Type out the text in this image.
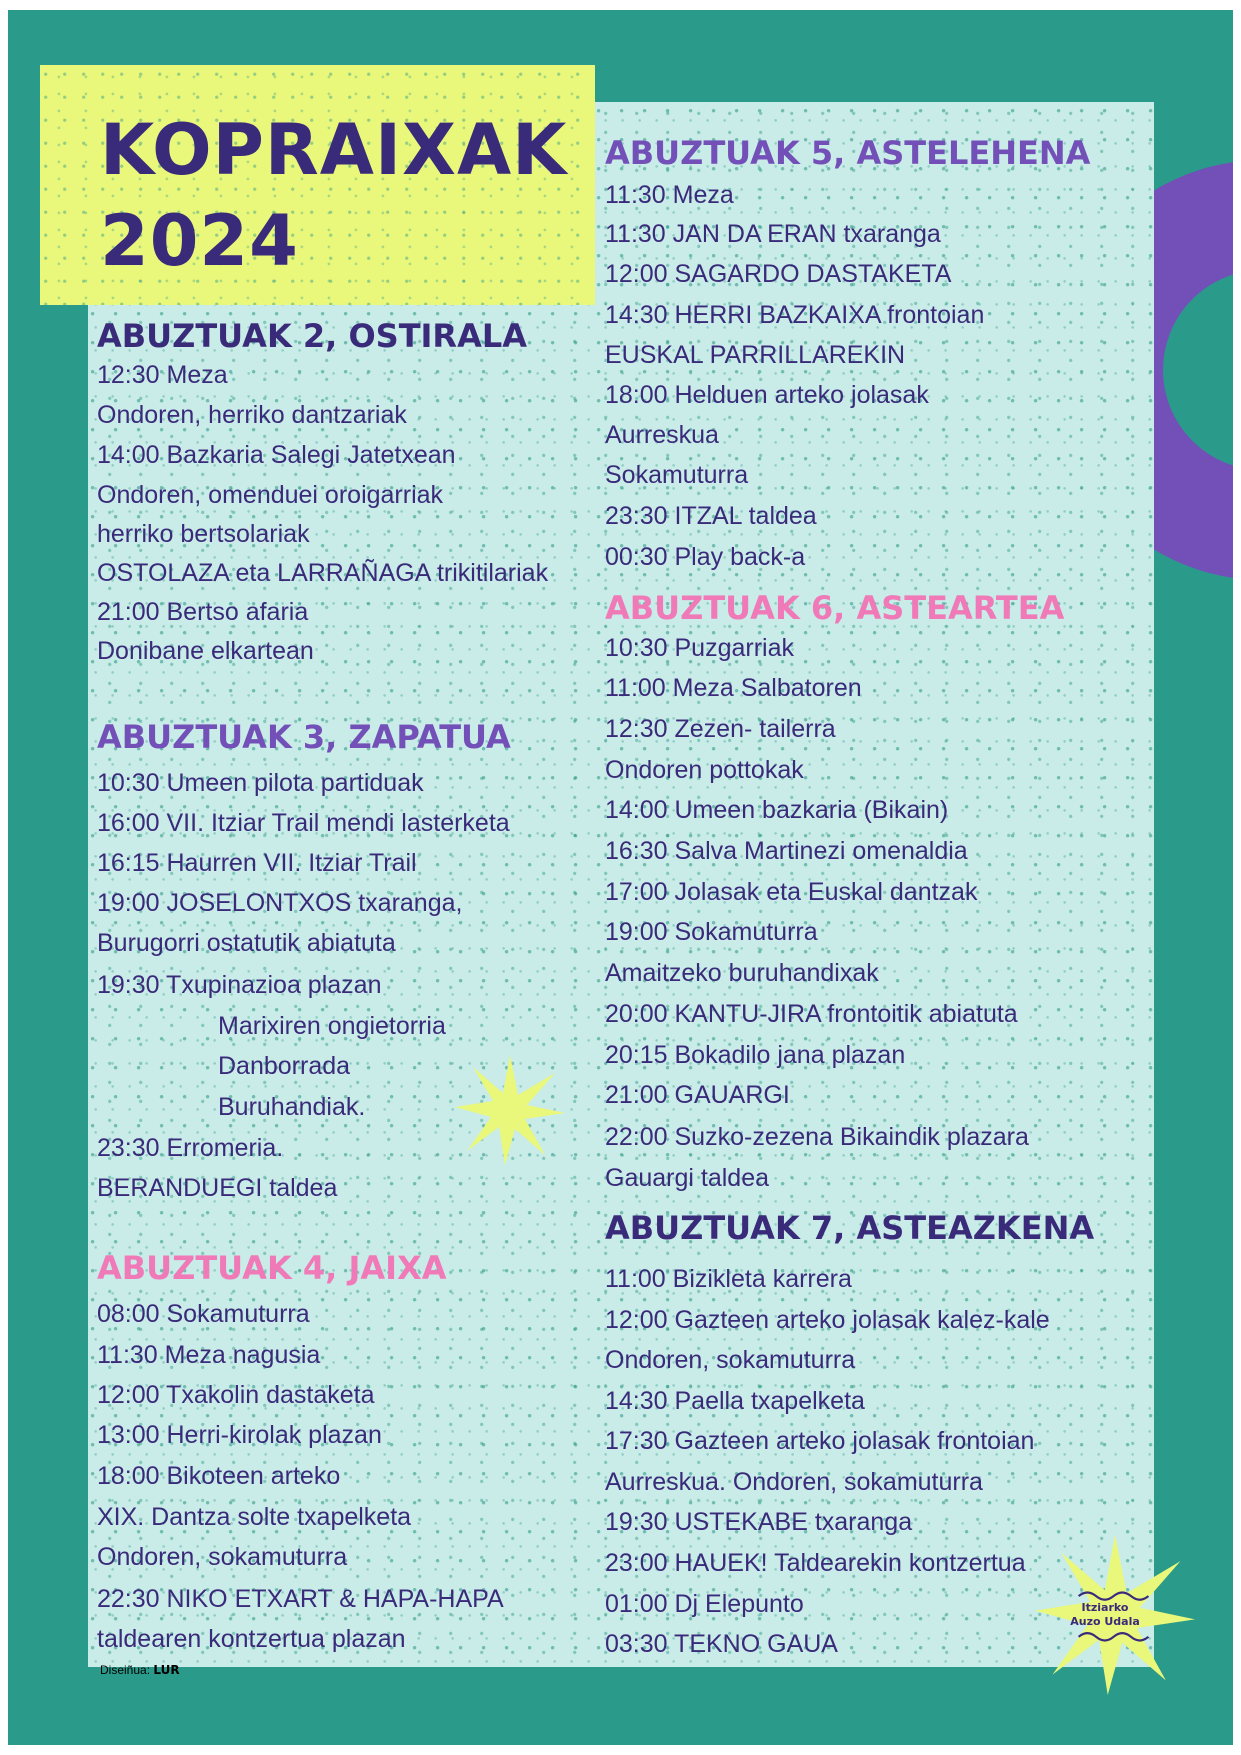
KOPRAIXAK
2024
ABUZTUAK 2, OSTIRALA

12:30 Meza

Ondoren, herriko dantzariak

14:00 Bazkaria Salegi Jatetxean

Ondoren, omenduei oroigarriak

herriko bertsolariak

OSTOLAZA eta LARRAÑAGA trikitilariak

21:00 Bertso afaria

Donibane elkartean

ABUZTUAK 3, ZAPATUA

10:30 Umeen pilota partiduak

16:00 VII. Itziar Trail mendi lasterketa

16:15 Haurren VII. Itziar Trail

19:00 JOSELONTXOS txaranga,

Burugorri ostatutik abiatuta

19:30 Txupinazioa plazan

Marixiren ongietorria

Danborrada

Buruhandiak.

23:30 Erromeria.

BERANDUEGI taldea

ABUZTUAK 4, JAIXA

08:00 Sokamuturra

11:30 Meza nagusia

12:00 Txakolin dastaketa

13:00 Herri-kirolak plazan

18:00 Bikoteen arteko

XIX. Dantza solte txapelketa

Ondoren, sokamuturra

22:30 NIKO ETXART & HAPA-HAPA

taldearen kontzertua plazan

ABUZTUAK 5, ASTELEHENA

11:30 Meza

11:30 JAN DA ERAN txaranga

12:00 SAGARDO DASTAKETA

14:30 HERRI BAZKAIXA frontoian

EUSKAL PARRILLAREKIN

18:00 Helduen arteko jolasak

Aurreskua

Sokamuturra

23:30 ITZAL taldea

00:30 Play back-a

ABUZTUAK 6, ASTEARTEA

10:30 Puzgarriak

11:00 Meza Salbatoren

12:30 Zezen- tailerra

Ondoren pottokak

14:00 Umeen bazkaria (Bikain)

16:30 Salva Martinezi omenaldia

17:00 Jolasak eta Euskal dantzak

19:00 Sokamuturra

Amaitzeko buruhandixak

20:00 KANTU-JIRA frontoitik abiatuta

20:15 Bokadilo jana plazan

21:00 GAUARGI

22:00 Suzko-zezena Bikaindik plazara

Gauargi taldea

ABUZTUAK 7, ASTEAZKENA

11:00 Bizikleta karrera

12:00 Gazteen arteko jolasak kalez-kale

Ondoren, sokamuturra

14:30 Paella txapelketa

17:30 Gazteen arteko jolasak frontoian

Aurreskua. Ondoren, sokamuturra

19:30 USTEKABE txaranga

23:00 HAUEK! Taldearekin kontzertua

01:00 Dj Elepunto

03:30 TEKNO GAUA

Itziarko
Auzo Udala
Diseiñua: LUR
